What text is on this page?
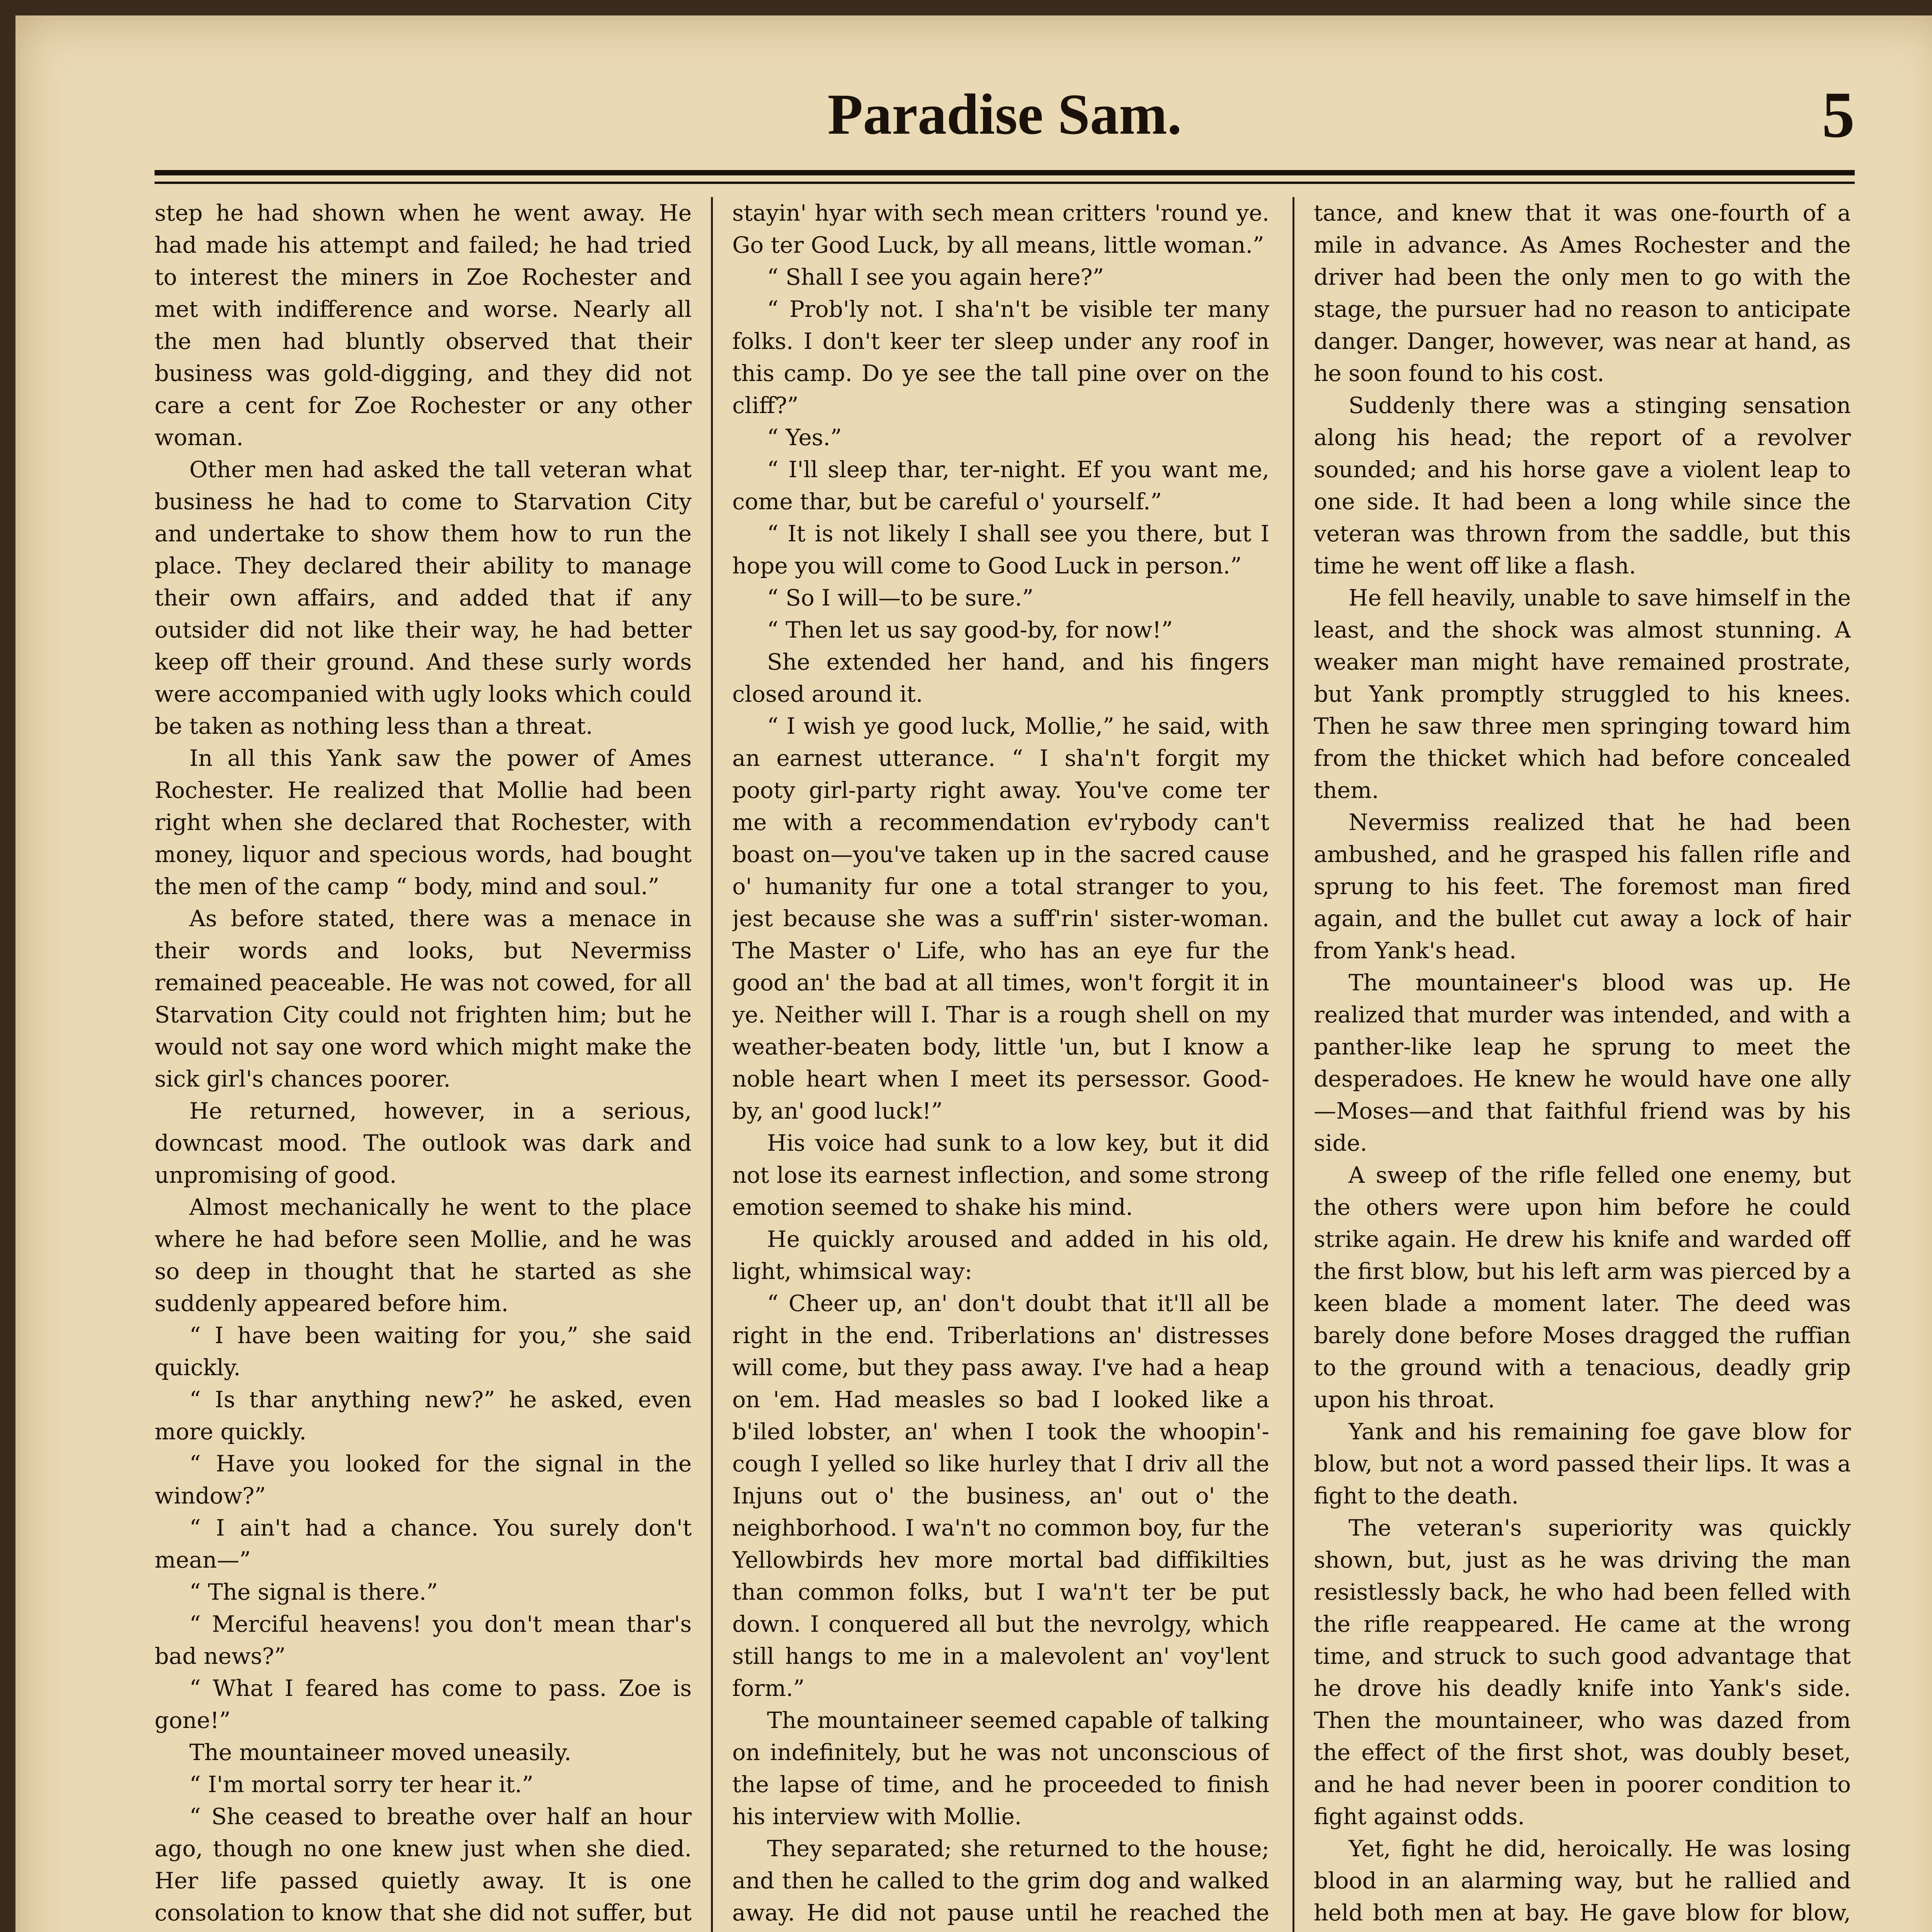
Paradise Sam.	5

step he had shown when he went away. He had made his attempt and failed; he had tried to interest the miners in Zoe Rochester and met with indifference and worse. Nearly all the men had bluntly observed that their business was gold-digging, and they did not care a cent for Zoe Rochester or any other woman.

Other men had asked the tall veteran what business he had to come to Starvation City and undertake to show them how to run the place. They declared their ability to manage their own affairs, and added that if any outsider did not like their way, he had better keep off their ground. And these surly words were accompanied with ugly looks which could be taken as nothing less than a threat.

In all this Yank saw the power of Ames Rochester. He realized that Mollie had been right when she declared that Rochester, with money, liquor and specious words, had bought the men of the camp “ body, mind and soul.”

As before stated, there was a menace in their words and looks, but Nevermiss remained peaceable. He was not cowed, for all Starvation City could not frighten him; but he would not say one word which might make the sick girl's chances poorer.

He returned, however, in a serious, downcast mood. The outlook was dark and unpromising of good.

Almost mechanically he went to the place where he had before seen Mollie, and he was so deep in thought that he started as she suddenly appeared before him.

“ I have been waiting for you,” she said quickly.

“ Is thar anything new?” he asked, even more quickly.

“ Have you looked for the signal in the window?”

“ I ain't had a chance. You surely don't mean—”

“ The signal is there.”

“ Merciful heavens! you don't mean thar's bad news?”

“ What I feared has come to pass. Zoe is gone!”

The mountaineer moved uneasily.

“ I'm mortal sorry ter hear it.”

“ She ceased to breathe over half an hour ago, though no one knew just when she died. Her life passed quietly away. It is one consolation to know that she did not suffer, but

stayin' hyar with sech mean critters 'round ye. Go ter Good Luck, by all means, little woman.”

“ Shall I see you again here?”

“ Prob'ly not. I sha'n't be visible ter many folks. I don't keer ter sleep under any roof in this camp. Do ye see the tall pine over on the cliff?”

“ Yes.”

“ I'll sleep thar, ter-night. Ef you want me, come thar, but be careful o' yourself.”

“ It is not likely I shall see you there, but I hope you will come to Good Luck in person.”

“ So I will—to be sure.”

“ Then let us say good-by, for now!”

She extended her hand, and his fingers closed around it.

“ I wish ye good luck, Mollie,” he said, with an earnest utterance. “ I sha'n't forgit my pooty girl-party right away. You've come ter me with a recommendation ev'rybody can't boast on—you've taken up in the sacred cause o' humanity fur one a total stranger to you, jest because she was a suff'rin' sister-woman. The Master o' Life, who has an eye fur the good an' the bad at all times, won't forgit it in ye. Neither will I. Thar is a rough shell on my weather-beaten body, little 'un, but I know a noble heart when I meet its persessor. Good-by, an' good luck!”

His voice had sunk to a low key, but it did not lose its earnest inflection, and some strong emotion seemed to shake his mind.

He quickly aroused and added in his old, light, whimsical way:

“ Cheer up, an' don't doubt that it'll all be right in the end. Triberlations an' distresses will come, but they pass away. I've had a heap on 'em. Had measles so bad I looked like a b'iled lobster, an' when I took the whoopin'-cough I yelled so like hurley that I driv all the Injuns out o' the business, an' out o' the neighborhood. I wa'n't no common boy, fur the Yellowbirds hev more mortal bad diffikilties than common folks, but I wa'n't ter be put down. I conquered all but the nevrolgy, which still hangs to me in a malevolent an' voy'lent form.”

The mountaineer seemed capable of talking on indefinitely, but he was not unconscious of the lapse of time, and he proceeded to finish his interview with Mollie.

They separated; she returned to the house; and then he called to the grim dog and walked away. He did not pause until he reached the

tance, and knew that it was one-fourth of a mile in advance. As Ames Rochester and the driver had been the only men to go with the stage, the pursuer had no reason to anticipate danger. Danger, however, was near at hand, as he soon found to his cost.

Suddenly there was a stinging sensation along his head; the report of a revolver sounded; and his horse gave a violent leap to one side. It had been a long while since the veteran was thrown from the saddle, but this time he went off like a flash.

He fell heavily, unable to save himself in the least, and the shock was almost stunning. A weaker man might have remained prostrate, but Yank promptly struggled to his knees. Then he saw three men springing toward him from the thicket which had before concealed them.

Nevermiss realized that he had been ambushed, and he grasped his fallen rifle and sprung to his feet. The foremost man fired again, and the bullet cut away a lock of hair from Yank's head.

The mountaineer's blood was up. He realized that murder was intended, and with a panther-like leap he sprung to meet the desperadoes. He knew he would have one ally—Moses—and that faithful friend was by his side.

A sweep of the rifle felled one enemy, but the others were upon him before he could strike again. He drew his knife and warded off the first blow, but his left arm was pierced by a keen blade a moment later. The deed was barely done before Moses dragged the ruffian to the ground with a tenacious, deadly grip upon his throat.

Yank and his remaining foe gave blow for blow, but not a word passed their lips. It was a fight to the death.

The veteran's superiority was quickly shown, but, just as he was driving the man resistlessly back, he who had been felled with the rifle reappeared. He came at the wrong time, and struck to such good advantage that he drove his deadly knife into Yank's side. Then the mountaineer, who was dazed from the effect of the first shot, was doubly beset, and he had never been in poorer condition to fight against odds.

Yet, fight he did, heroically. He was losing blood in an alarming way, but he rallied and held both men at bay. He gave blow for blow,
